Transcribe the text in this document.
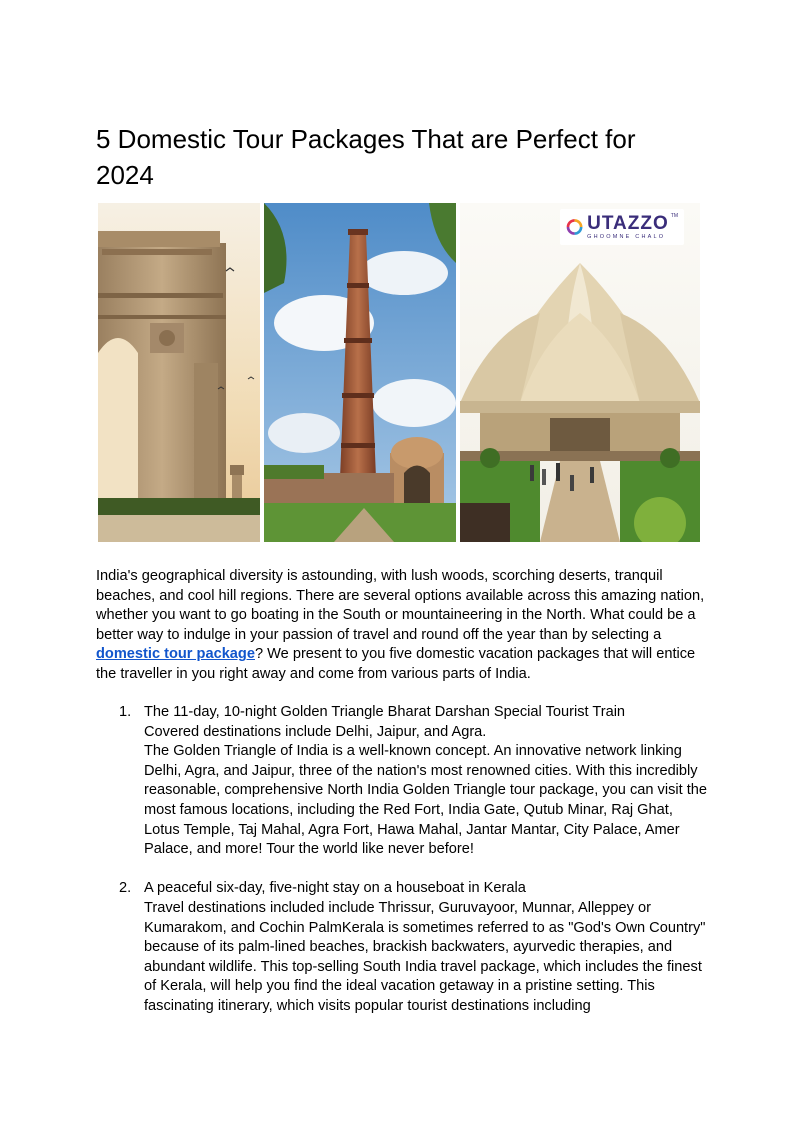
5 Domestic Tour Packages That are Perfect for 2024
UTAZZO
GHOOMNE CHALO
TM

India's geographical diversity is astounding, with lush woods, scorching deserts, tranquil beaches, and cool hill regions. There are several options available across this amazing nation, whether you want to go boating in the South or mountaineering in the North. What could be a better way to indulge in your passion of travel and round off the year than by selecting a domestic tour package? We present to you five domestic vacation packages that will entice the traveller in you right away and come from various parts of India.

1. The 11-day, 10-night Golden Triangle Bharat Darshan Special Tourist Train
Covered destinations include Delhi, Jaipur, and Agra.
The Golden Triangle of India is a well-known concept. An innovative network linking Delhi, Agra, and Jaipur, three of the nation's most renowned cities. With this incredibly reasonable, comprehensive North India Golden Triangle tour package, you can visit the most famous locations, including the Red Fort, India Gate, Qutub Minar, Raj Ghat, Lotus Temple, Taj Mahal, Agra Fort, Hawa Mahal, Jantar Mantar, City Palace, Amer Palace, and more! Tour the world like never before!
2. A peaceful six-day, five-night stay on a houseboat in Kerala
Travel destinations included include Thrissur, Guruvayoor, Munnar, Alleppey or Kumarakom, and Cochin PalmKerala is sometimes referred to as "God's Own Country" because of its palm-lined beaches, brackish backwaters, ayurvedic therapies, and abundant wildlife. This top-selling South India travel package, which includes the finest of Kerala, will help you find the ideal vacation getaway in a pristine setting. This fascinating itinerary, which visits popular tourist destinations including
